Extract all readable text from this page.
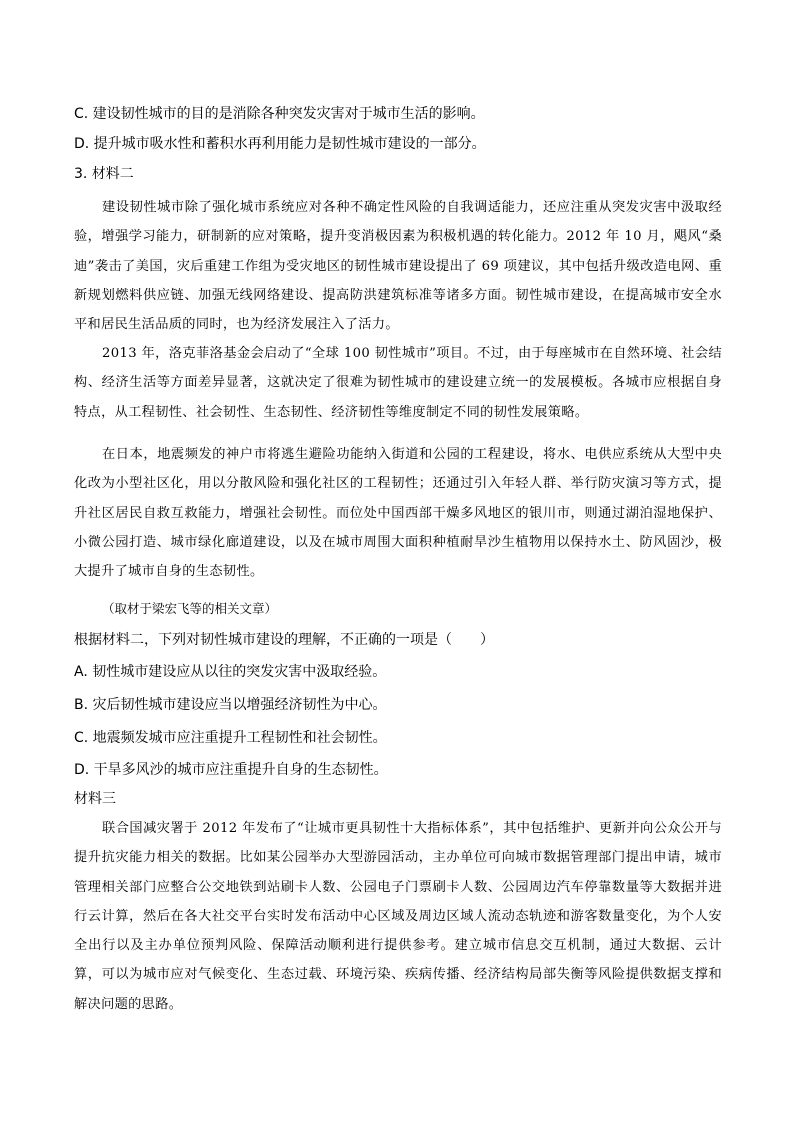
C. 建设韧性城市的目的是消除各种突发灾害对于城市生活的影响。
D. 提升城市吸水性和蓄积水再利用能力是韧性城市建设的一部分。
3. 材料二

建设韧性城市除了强化城市系统应对各种不确定性风险的自我调适能力，还应注重从突发灾害中汲取经验，增强学习能力，研制新的应对策略，提升变消极因素为积极机遇的转化能力。2012 年 10 月，飓风“桑迪”袭击了美国，灾后重建工作组为受灾地区的韧性城市建设提出了 69 项建议，其中包括升级改造电网、重新规划燃料供应链、加强无线网络建设、提高防洪建筑标准等诸多方面。韧性城市建设，在提高城市安全水平和居民生活品质的同时，也为经济发展注入了活力。

2013 年，洛克菲洛基金会启动了“全球 100 韧性城市”项目。不过，由于每座城市在自然环境、社会结构、经济生活等方面差异显著，这就决定了很难为韧性城市的建设建立统一的发展模板。各城市应根据自身特点，从工程韧性、社会韧性、生态韧性、经济韧性等维度制定不同的韧性发展策略。

在日本，地震频发的神户市将逃生避险功能纳入街道和公园的工程建设，将水、电供应系统从大型中央化改为小型社区化，用以分散风险和强化社区的工程韧性；还通过引入年轻人群、举行防灾演习等方式，提升社区居民自救互救能力，增强社会韧性。而位处中国西部干燥多风地区的银川市，则通过湖泊湿地保护、小微公园打造、城市绿化廊道建设，以及在城市周围大面积种植耐旱沙生植物用以保持水土、防风固沙，极大提升了城市自身的生态韧性。

（取材于梁宏飞等的相关文章）
根据材料二，下列对韧性城市建设的理解，不正确的一项是（　　）
A. 韧性城市建设应从以往的突发灾害中汲取经验。
B. 灾后韧性城市建设应当以增强经济韧性为中心。
C. 地震频发城市应注重提升工程韧性和社会韧性。
D. 干旱多风沙的城市应注重提升自身的生态韧性。
材料三

联合国减灾署于 2012 年发布了“让城市更具韧性十大指标体系”，其中包括维护、更新并向公众公开与提升抗灾能力相关的数据。比如某公园举办大型游园活动，主办单位可向城市数据管理部门提出申请，城市管理相关部门应整合公交地铁到站刷卡人数、公园电子门票刷卡人数、公园周边汽车停靠数量等大数据并进行云计算，然后在各大社交平台实时发布活动中心区域及周边区域人流动态轨迹和游客数量变化，为个人安全出行以及主办单位预判风险、保障活动顺利进行提供参考。建立城市信息交互机制，通过大数据、云计算，可以为城市应对气候变化、生态过载、环境污染、疾病传播、经济结构局部失衡等风险提供数据支撑和解决问题的思路。
